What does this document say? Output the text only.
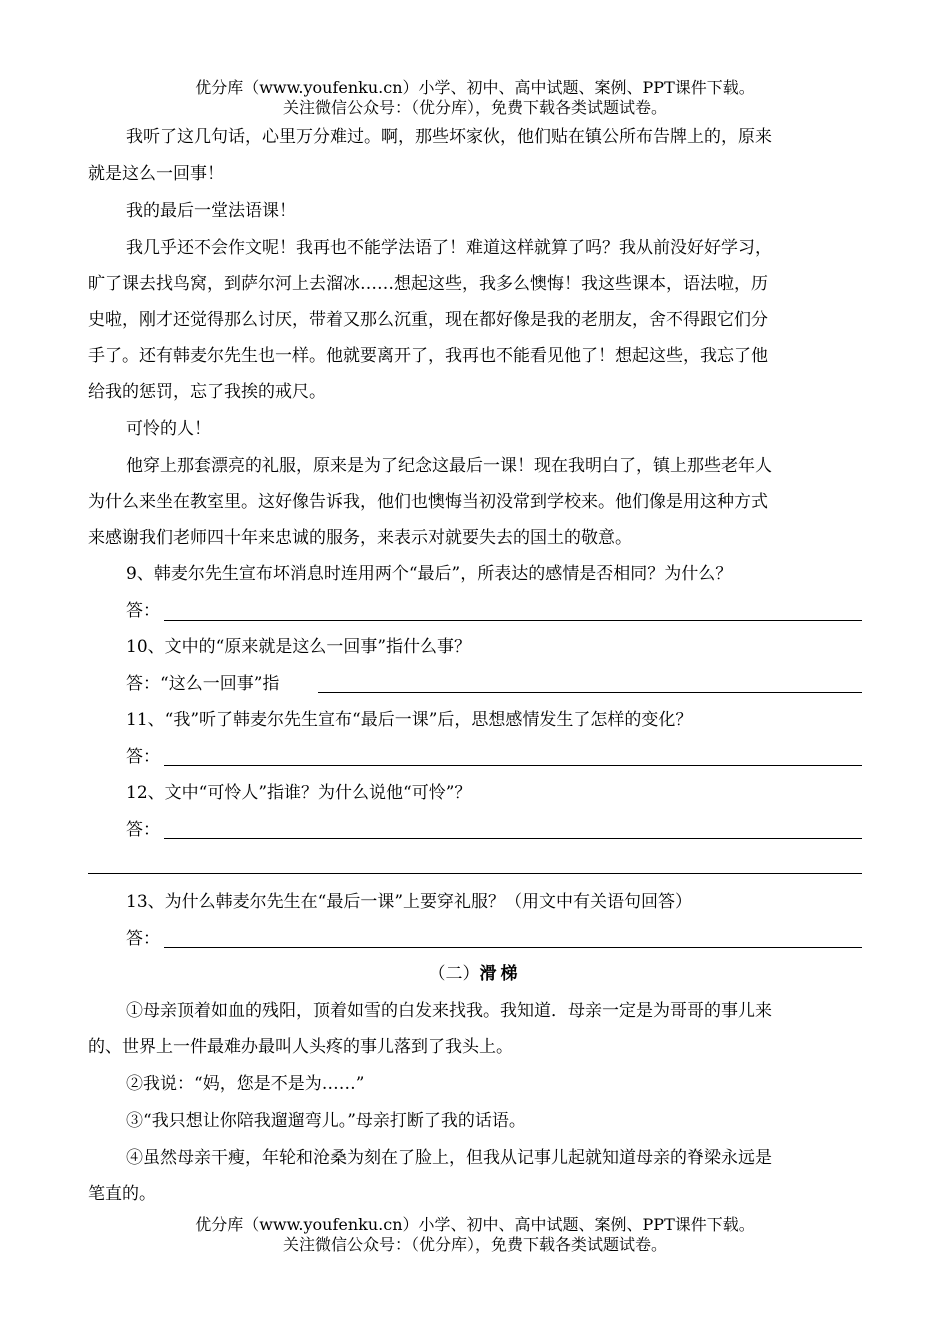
优分库（www.youfenku.cn）小学、初中、高中试题、案例、PPT课件下载。
关注微信公众号：（优分库），免费下载各类试题试卷。
我听了这几句话，心里万分难过。啊，那些坏家伙，他们贴在镇公所布告牌上的，原来
就是这么一回事！
我的最后一堂法语课！
我几乎还不会作文呢！我再也不能学法语了！难道这样就算了吗？我从前没好好学习，
旷了课去找鸟窝，到萨尔河上去溜冰……想起这些，我多么懊悔！我这些课本，语法啦，历
史啦，刚才还觉得那么讨厌，带着又那么沉重，现在都好像是我的老朋友，舍不得跟它们分
手了。还有韩麦尔先生也一样。他就要离开了，我再也不能看见他了！想起这些，我忘了他
给我的惩罚，忘了我挨的戒尺。
可怜的人！
他穿上那套漂亮的礼服，原来是为了纪念这最后一课！现在我明白了，镇上那些老年人
为什么来坐在教室里。这好像告诉我，他们也懊悔当初没常到学校来。他们像是用这种方式
来感谢我们老师四十年来忠诚的服务，来表示对就要失去的国土的敬意。
9、韩麦尔先生宣布坏消息时连用两个“最后”，所表达的感情是否相同？为什么？
答：
10、文中的“原来就是这么一回事”指什么事？
答：“这么一回事”指
11、“我”听了韩麦尔先生宣布“最后一课”后，思想感情发生了怎样的变化？
答：
12、文中“可怜人”指谁？为什么说他“可怜”？
答：
13、为什么韩麦尔先生在“最后一课”上要穿礼服？（用文中有关语句回答）
答：
（二）滑梯
①母亲顶着如血的残阳，顶着如雪的白发来找我。我知道．母亲一定是为哥哥的事儿来
的、世界上一件最难办最叫人头疼的事儿落到了我头上。
②我说：“妈，您是不是为……”
③“我只想让你陪我遛遛弯儿。”母亲打断了我的话语。
④虽然母亲干瘦，年轮和沧桑为刻在了脸上，但我从记事儿起就知道母亲的脊梁永远是
笔直的。
优分库（www.youfenku.cn）小学、初中、高中试题、案例、PPT课件下载。
关注微信公众号：（优分库），免费下载各类试题试卷。
